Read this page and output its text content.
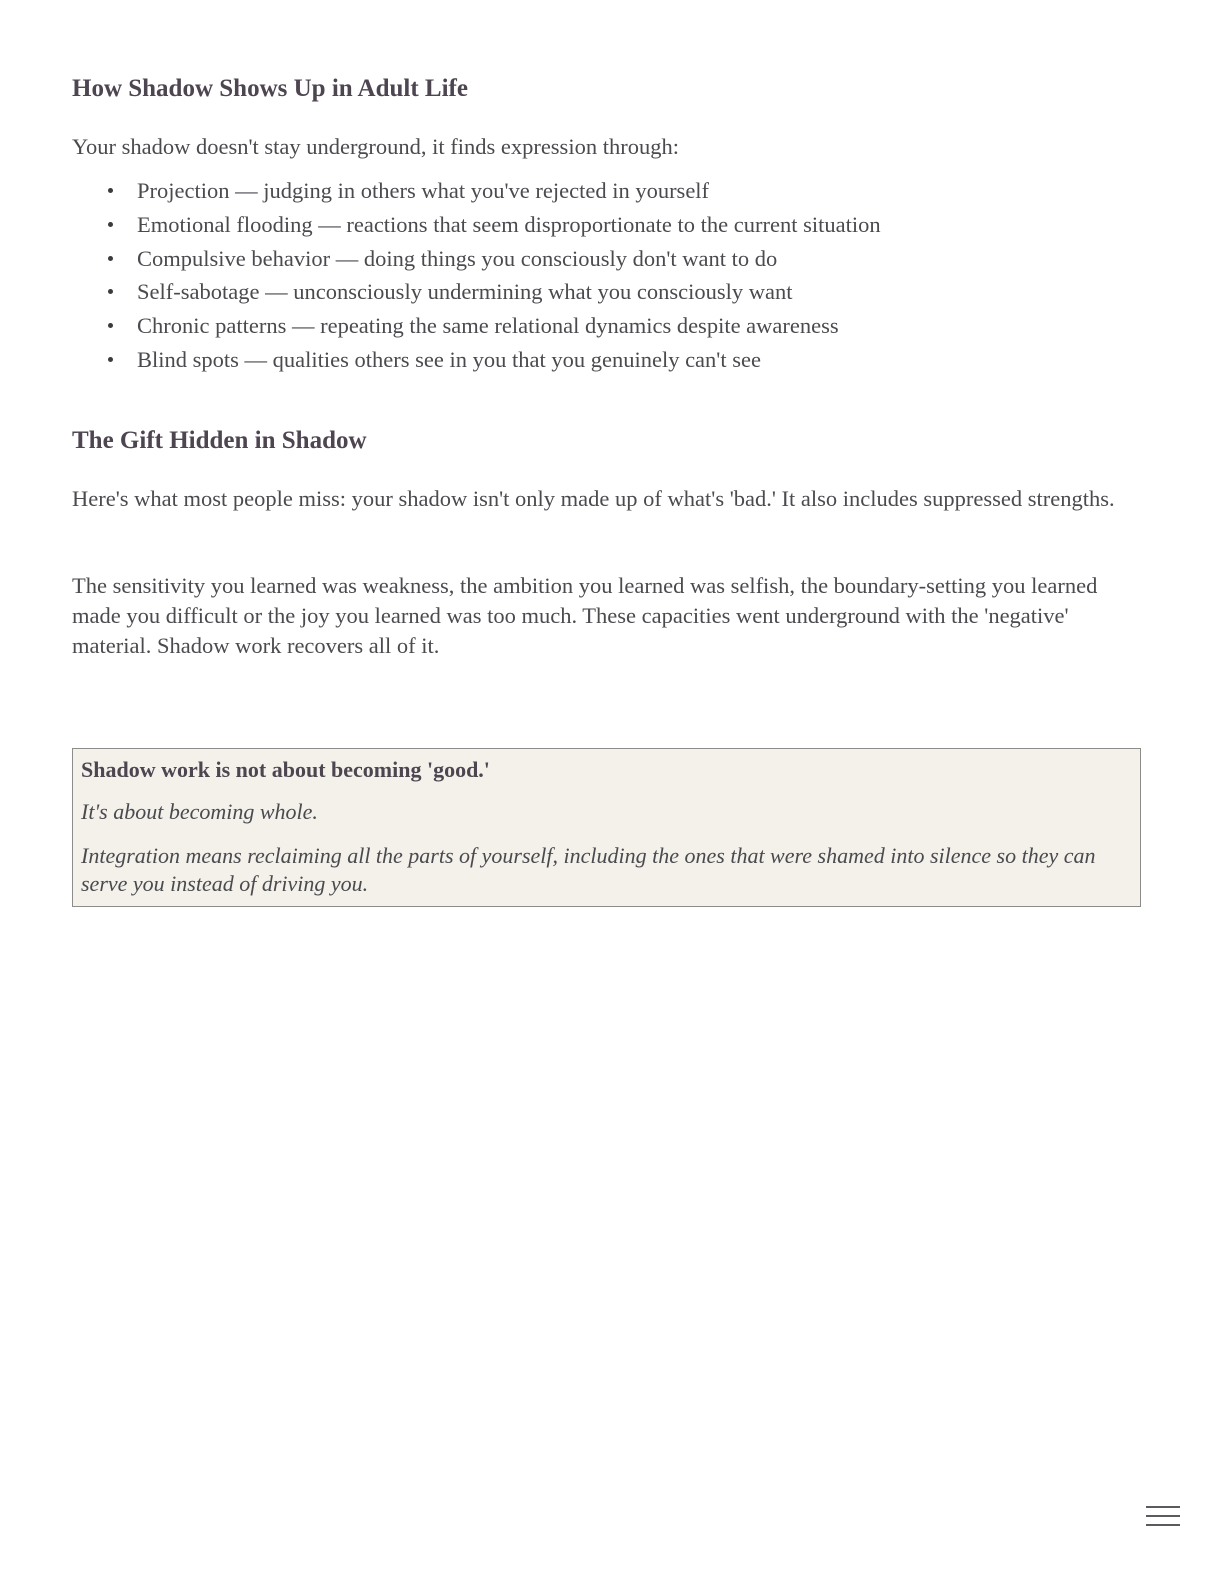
How Shadow Shows Up in Adult Life

Your shadow doesn't stay underground, it finds expression through:

Projection — judging in others what you've rejected in yourself
Emotional flooding — reactions that seem disproportionate to the current situation
Compulsive behavior — doing things you consciously don't want to do
Self-sabotage — unconsciously undermining what you consciously want
Chronic patterns — repeating the same relational dynamics despite awareness
Blind spots — qualities others see in you that you genuinely can't see
The Gift Hidden in Shadow

Here's what most people miss: your shadow isn't only made up of what's 'bad.' It also includes suppressed strengths.

The sensitivity you learned was weakness, the ambition you learned was selfish, the boundary-setting you learned made you difficult or the joy you learned was too much. These capacities went underground with the 'negative' material. Shadow work recovers all of it.

Shadow work is not about becoming 'good.'

It's about becoming whole.

Integration means reclaiming all the parts of yourself, including the ones that were shamed into silence so they can serve you instead of driving you.
